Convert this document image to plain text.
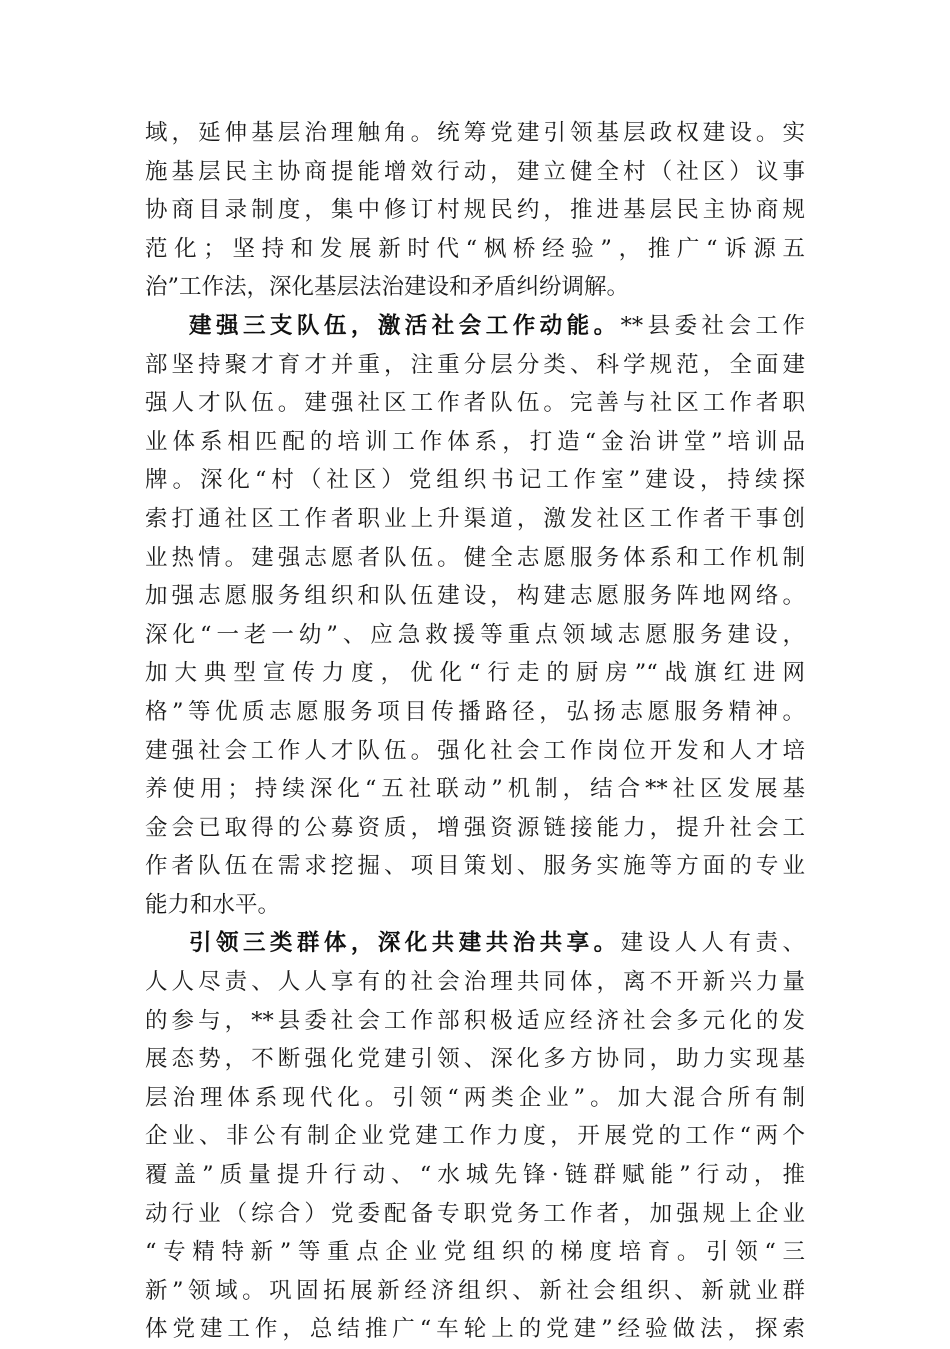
域，延伸基层治理触角。统筹党建引领基层政权建设。实
施基层民主协商提能增效行动，建立健全村（社区）议事
协商目录制度，集中修订村规民约，推进基层民主协商规
范化；坚持和发展新时代“枫桥经验”，推广“诉源五
治”工作法，深化基层法治建设和矛盾纠纷调解。
建强三支队伍，激活社会工作动能。**县委社会工作
部坚持聚才育才并重，注重分层分类、科学规范，全面建
强人才队伍。建强社区工作者队伍。完善与社区工作者职
业体系相匹配的培训工作体系，打造“金治讲堂”培训品
牌。深化“村（社区）党组织书记工作室”建设，持续探
索打通社区工作者职业上升渠道，激发社区工作者干事创
业热情。建强志愿者队伍。健全志愿服务体系和工作机制
加强志愿服务组织和队伍建设，构建志愿服务阵地网络。
深化“一老一幼”、应急救援等重点领域志愿服务建设，
加大典型宣传力度，优化“行走的厨房”“战旗红进网
格”等优质志愿服务项目传播路径，弘扬志愿服务精神。
建强社会工作人才队伍。强化社会工作岗位开发和人才培
养使用；持续深化“五社联动”机制，结合**社区发展基
金会已取得的公募资质，增强资源链接能力，提升社会工
作者队伍在需求挖掘、项目策划、服务实施等方面的专业
能力和水平。
引领三类群体，深化共建共治共享。建设人人有责、
人人尽责、人人享有的社会治理共同体，离不开新兴力量
的参与，**县委社会工作部积极适应经济社会多元化的发
展态势，不断强化党建引领、深化多方协同，助力实现基
层治理体系现代化。引领“两类企业”。加大混合所有制
企业、非公有制企业党建工作力度，开展党的工作“两个
覆盖”质量提升行动、“水城先锋·链群赋能”行动，推
动行业（综合）党委配备专职党务工作者，加强规上企业
“专精特新”等重点企业党组织的梯度培育。引领“三
新”领域。巩固拓展新经济组织、新社会组织、新就业群
体党建工作，总结推广“车轮上的党建”经验做法，探索
